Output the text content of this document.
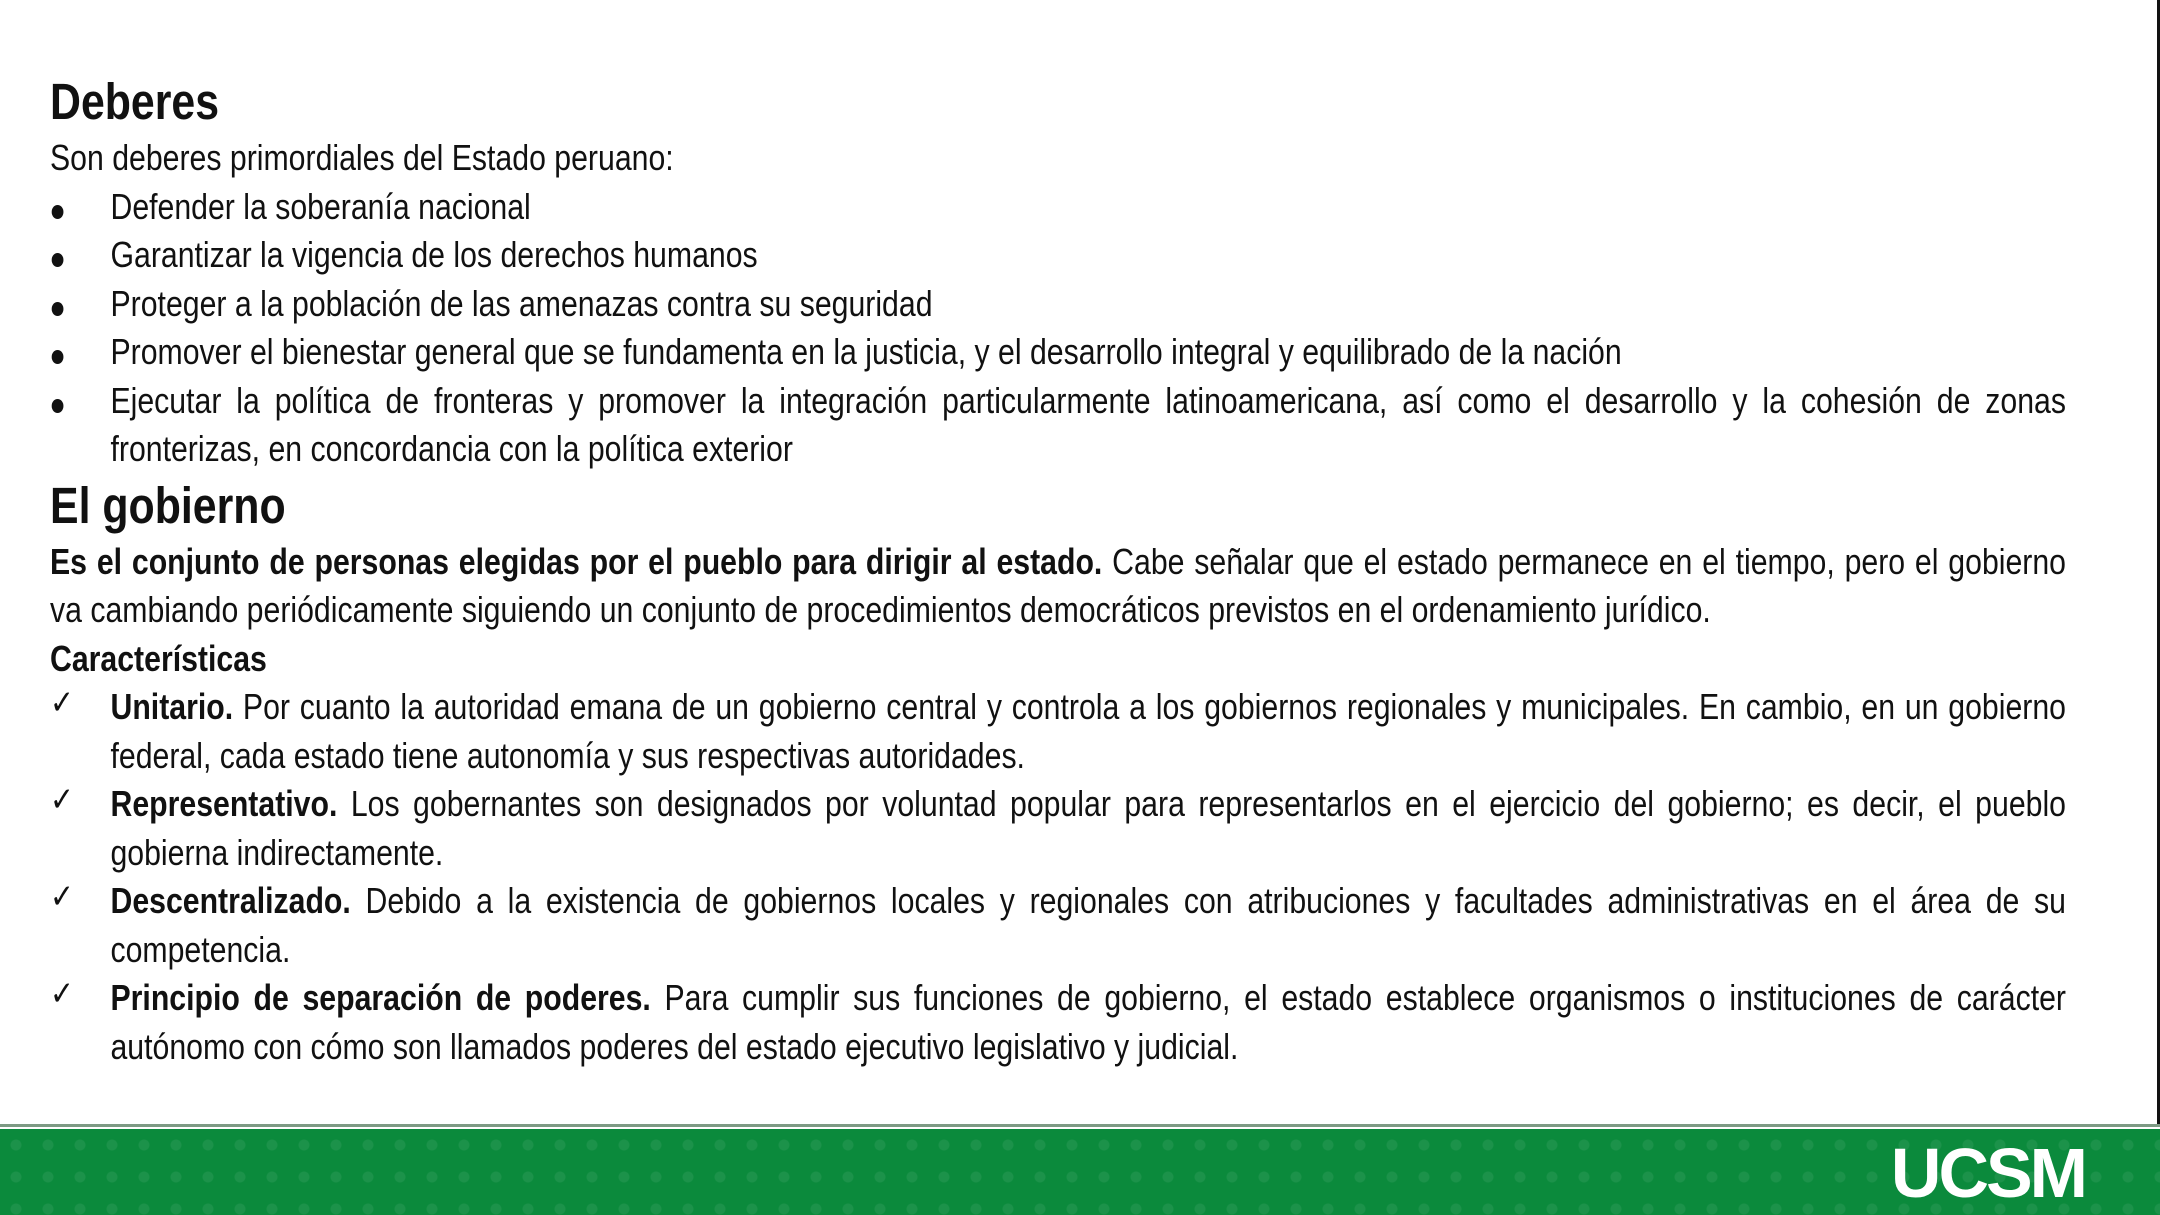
Deberes

Son deberes primordiales del Estado peruano:

Defender la soberanía nacional
Garantizar la vigencia de los derechos humanos
Proteger a la población de las amenazas contra su seguridad
Promover el bienestar general que se fundamenta en la justicia, y el desarrollo integral y equilibrado de la nación
Ejecutar la política de fronteras y promover la integración particularmente latinoamericana, así como el desarrollo y la cohesión de zonas fronterizas, en concordancia con la política exterior
El gobierno

Es el conjunto de personas elegidas por el pueblo para dirigir al estado. Cabe señalar que el estado permanece en el tiempo, pero el gobierno va cambiando periódicamente siguiendo un conjunto de procedimientos democráticos previstos en el ordenamiento jurídico.

Características

✓ Unitario. Por cuanto la autoridad emana de un gobierno central y controla a los gobiernos regionales y municipales. En cambio, en un gobierno federal, cada estado tiene autonomía y sus respectivas autoridades.
✓ Representativo. Los gobernantes son designados por voluntad popular para representarlos en el ejercicio del gobierno; es decir, el pueblo gobierna indirectamente.
✓ Descentralizado. Debido a la existencia de gobiernos locales y regionales con atribuciones y facultades administrativas en el área de su competencia.
✓ Principio de separación de poderes. Para cumplir sus funciones de gobierno, el estado establece organismos o instituciones de carácter autónomo con cómo son llamados poderes del estado ejecutivo legislativo y judicial.
UCSM
